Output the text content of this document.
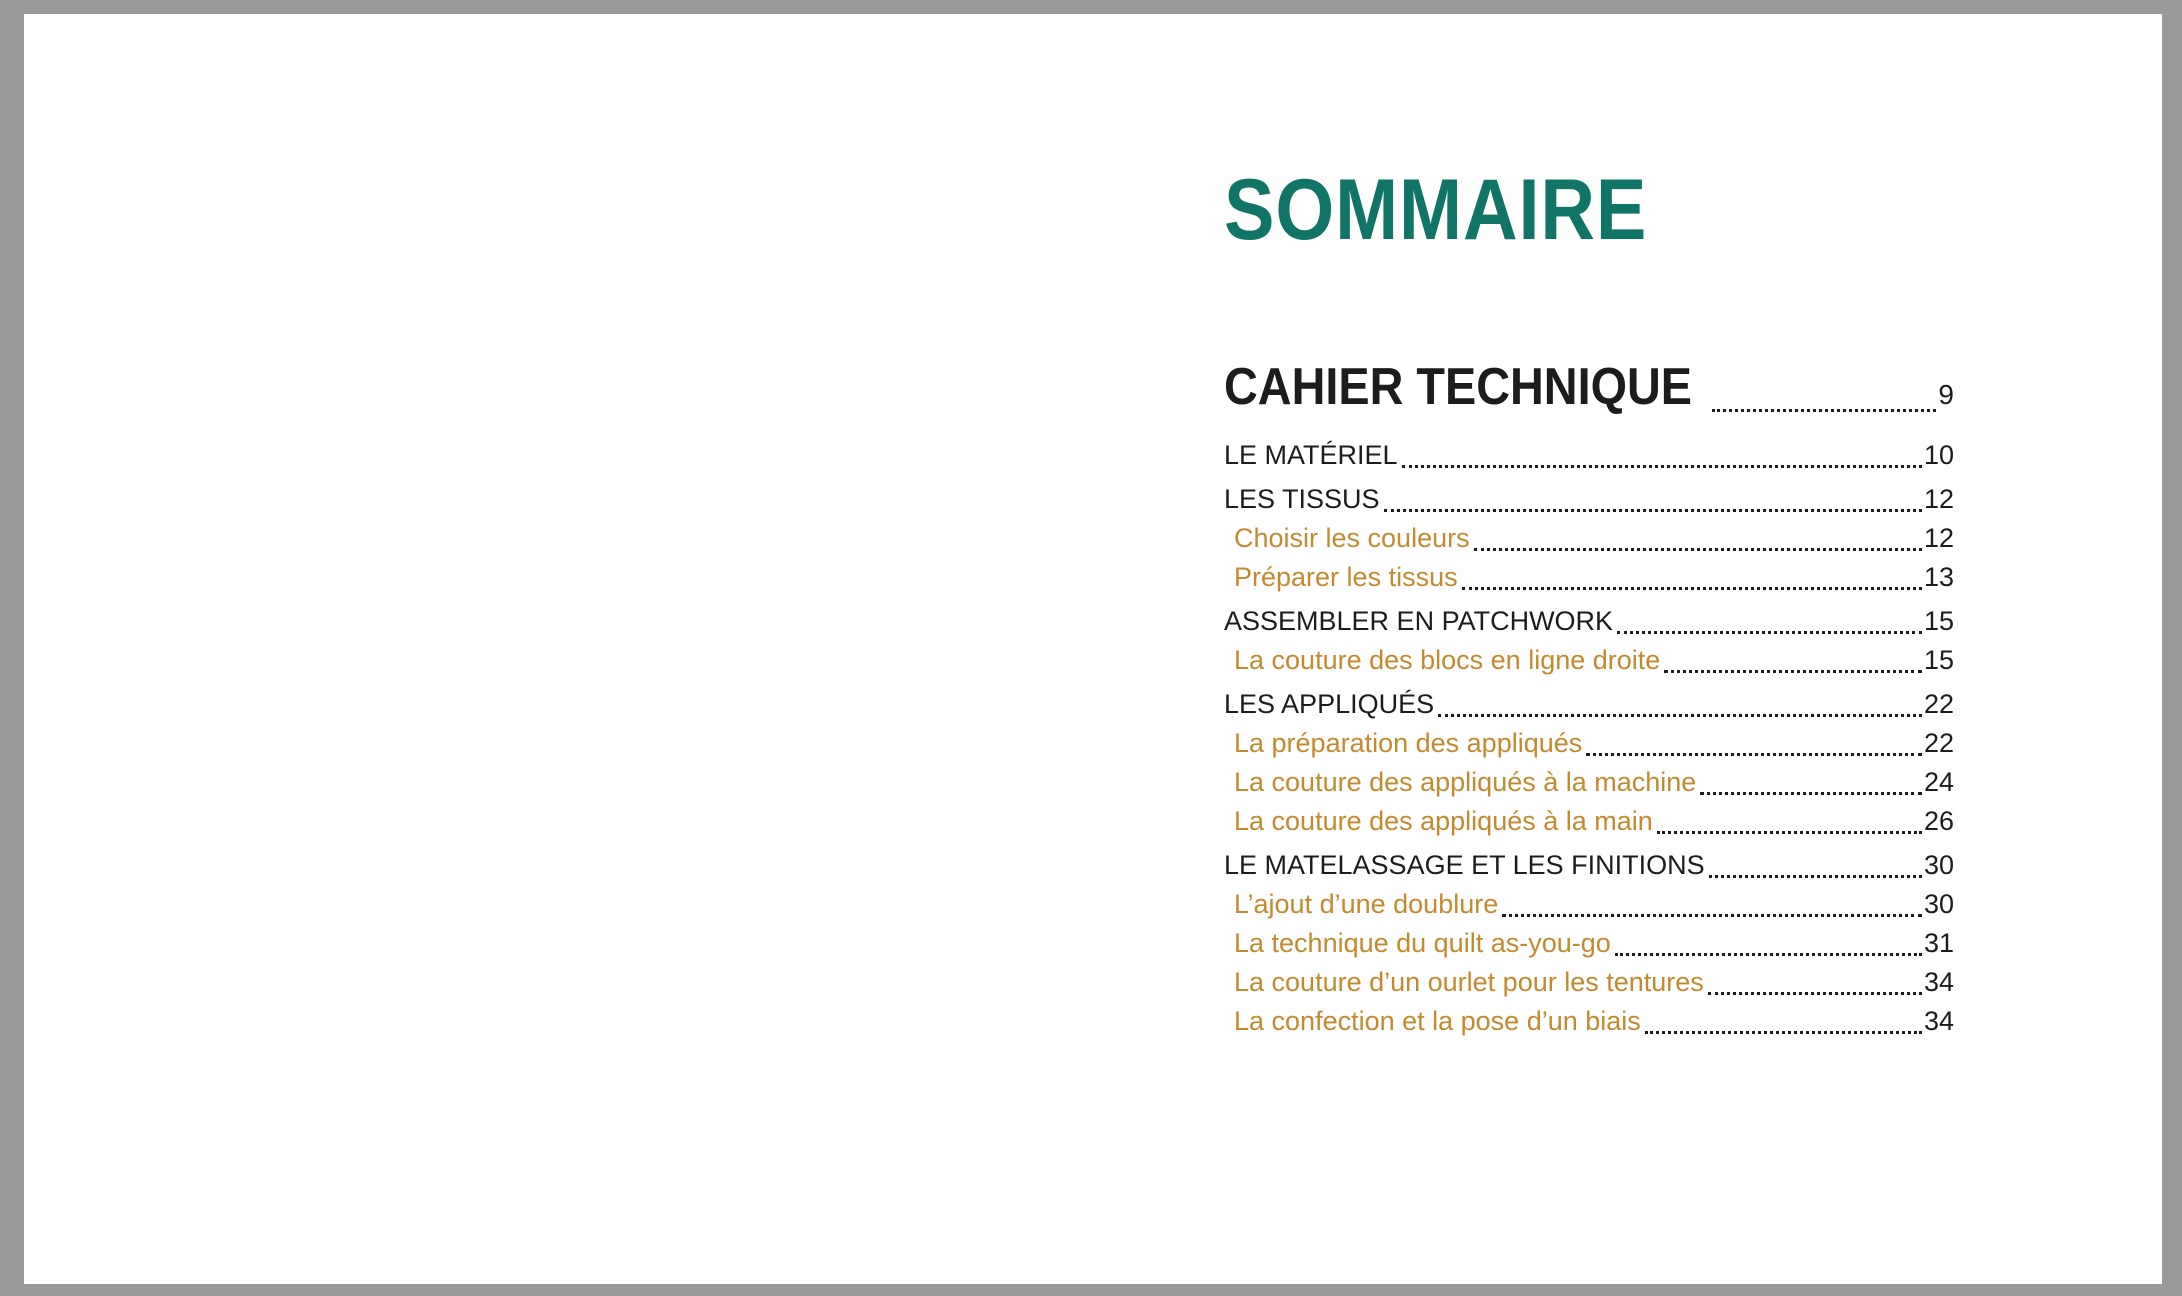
SOMMAIRE
CAHIER TECHNIQUE	9
LE MATÉRIEL	10
LES TISSUS	12
Choisir les couleurs	12
Préparer les tissus	13
ASSEMBLER EN PATCHWORK	15
La couture des blocs en ligne droite	15
LES APPLIQUÉS	22
La préparation des appliqués	22
La couture des appliqués à la machine	24
La couture des appliqués à la main	26
LE MATELASSAGE ET LES FINITIONS	30
L’ajout d’une doublure	30
La technique du quilt as-you-go	31
La couture d’un ourlet pour les tentures	34
La confection et la pose d’un biais	34
